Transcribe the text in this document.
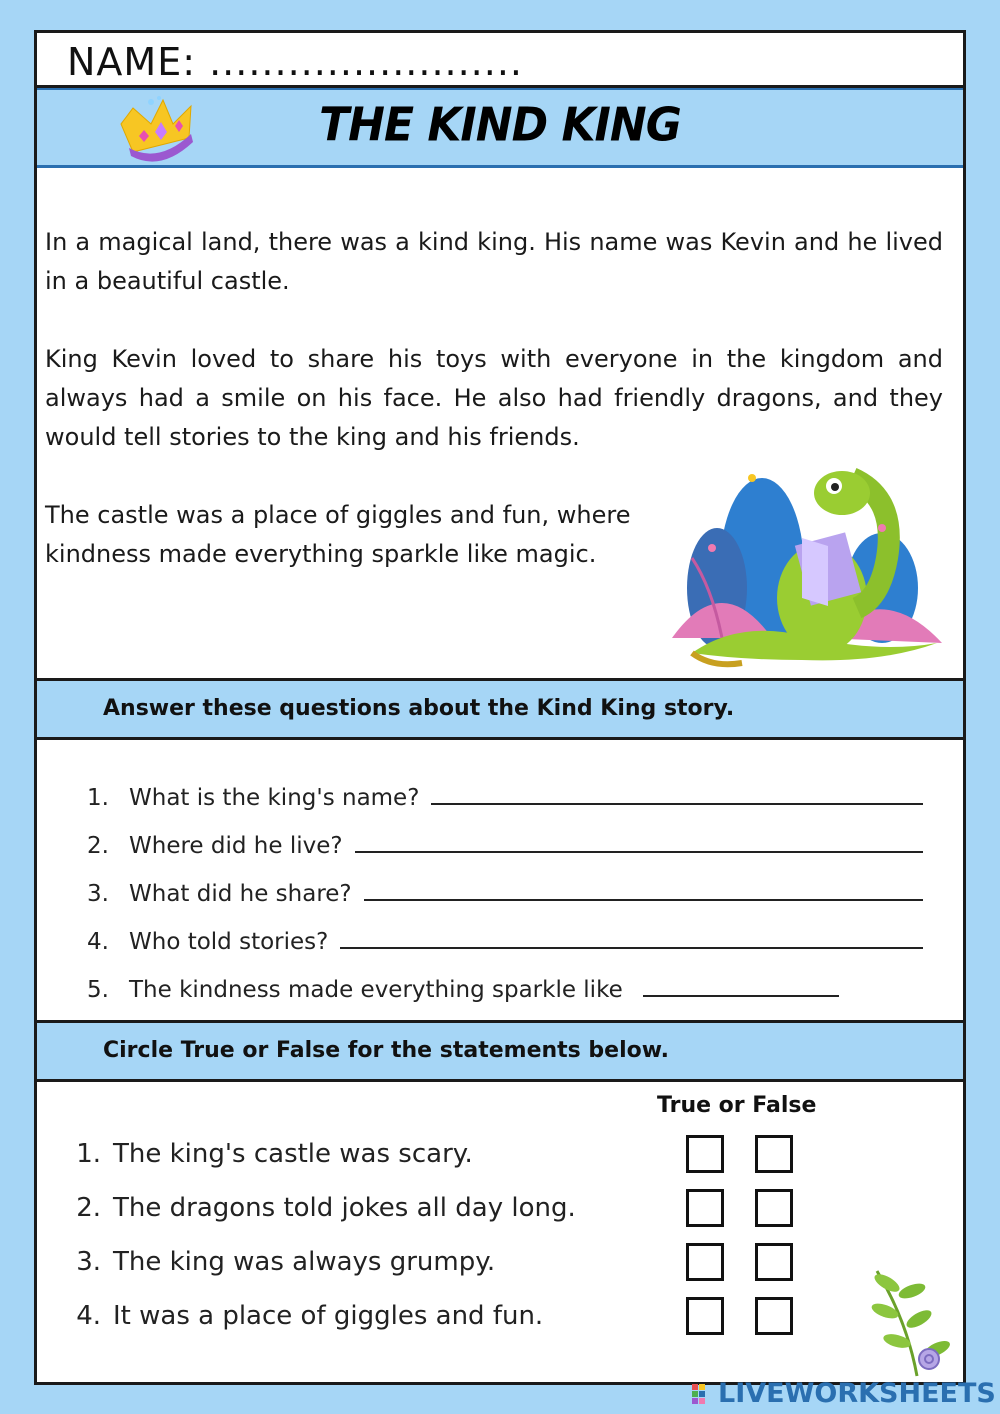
NAME: ........................
THE KIND KING

In a magical land, there was a kind king. His name was Kevin and he lived in a beautiful castle.

King Kevin loved to share his toys with everyone in the kingdom and always had a smile on his face. He also had friendly dragons, and they would tell stories to the king and his friends.

The castle was a place of giggles and fun, where kindness made everything sparkle like magic.

Answer these questions about the Kind King story.
1. What is the king's name?
2. Where did he live?
3. What did he share?
4. Who told stories?
5. The kindness made everything sparkle like
Circle True or False for the statements below.
True or False
1. The king's castle was scary.
2. The dragons told jokes all day long.
3. The king was always grumpy.
4. It was a place of giggles and fun.
LIVEWORKSHEETS
